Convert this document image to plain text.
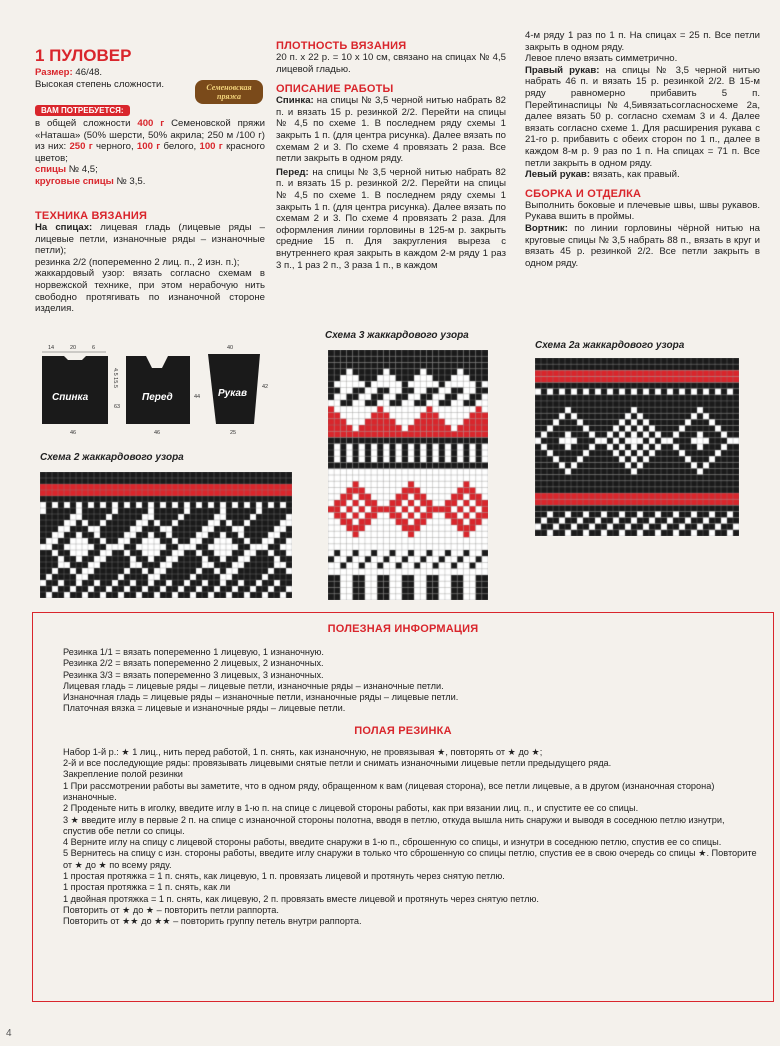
1 ПУЛОВЕР
Размер: 46/48.
Высокая степень сложности.	Семеновская пряжа
ВАМ ПОТРЕБУЕТСЯ:

в общей сложности 400 г Семеновской пряжи «Наташа» (50% шерсти, 50% акрила; 250 м /100 г) из них: 250 г черного, 100 г белого, 100 г красного цветов;
спицы № 4,5;
круговые спицы № 3,5.

ТЕХНИКА ВЯЗАНИЯ

На спицах: лицевая гладь (лицевые ряды – лицевые петли, изнаночные ряды – изнаночные петли);

резинка 2/2 (попеременно 2 лиц. п., 2 изн. п.);

жаккардовый узор: вязать согласно схемам в норвежской технике, при этом нерабочую нить свободно протягивать по изнаночной стороне изделия.

ПЛОТНОСТЬ ВЯЗАНИЯ

20 п. х 22 р. = 10 х 10 см, связано на спицах № 4,5 лицевой гладью.

ОПИСАНИЕ РАБОТЫ

Спинка: на спицы № 3,5 черной нитью набрать 82 п. и вязать 15 р. резинкой 2/2. Перейти на спицы № 4,5 по схеме 1. В последнем ряду схемы 1 закрыть 1 п. (для центра рисунка). Далее вязать по схемам 2 и 3. По схеме 4 провязать 2 раза. Все петли закрыть в одном ряду.

Перед: на спицы № 3,5 черной нитью набрать 82 п. и вязать 15 р. резинкой 2/2. Перейти на спицы № 4,5 по схеме 1. В последнем ряду схемы 1 закрыть 1 п. (для центра рисунка). Далее вязать по схемам 2 и 3. По схеме 4 провязать 2 раза. Для оформления линии горловины в 125-м р. закрыть средние 15 п. Для закругления выреза с внутреннего края закрыть в каждом 2-м ряду 1 раз 3 п., 1 раз 2 п., 3 раза 1 п., в каждом

4-м ряду 1 раз по 1 п. На спицах = 25 п. Все петли закрыть в одном ряду.

Левое плечо вязать симметрично.

Правый рукав: на спицы № 3,5 черной нитью набрать 46 п. и вязать 15 р. резинкой 2/2. В 15-м ряду равномерно прибавить 5 п. Перейтинаспицы№4,5ивязатьсогласносхеме 2а, далее вязать 50 р. согласно схемам 3 и 4. Далее вязать согласно схеме 1. Для расширения рукава с 21-го р. прибавить с обеих сторон по 1 п., далее в каждом 8-м р. 9 раз по 1 п. На спицах = 71 п. Все петли закрыть в одном ряду.

Левый рукав: вязать, как правый.

СБОРКА И ОТДЕЛКА

Выполнить боковые и плечевые швы, швы рукавов. Рукава вшить в проймы.

Вортник: по линии горловины чёрной нитью на круговые спицы № 3,5 набрать 88 п., вязать в круг и вязать 45 р. резинкой 2/2. Все петли закрыть в одном ряду.

14	20	6
Спинка
46
4.5 15.5
Перед
46
63
44
40
Рукав
25
42
Схема 2 жаккардового узора
Схема 3 жаккардового узора
Схема 2а жаккардового узора
ПОЛЕЗНАЯ ИНФОРМАЦИЯ

Резинка 1/1 = вязать попеременно 1 лицевую, 1 изнаночную.

Резинка 2/2 = вязать попеременно 2 лицевых, 2 изнаночных.

Резинка 3/3 = вязать попеременно 3 лицевых, 3 изнаночных.

Лицевая гладь = лицевые ряды – лицевые петли, изнаночные ряды – изнаночные петли.

Изнаночная гладь = лицевые ряды – изнаночные петли, изнаночные ряды – лицевые петли.

Платочная вязка = лицевые и изнаночные ряды – лицевые петли.

ПОЛАЯ РЕЗИНКА

Набор 1-й р.: ★ 1 лиц., нить перед работой, 1 п. снять, как изнаночную, не провязывая ★, повторять от ★ до ★;

2-й и все последующие ряды: провязывать лицевыми снятые петли и снимать изнаночными лицевые петли предыдущего ряда.

Закрепление полой резинки

1 При рассмотрении работы вы заметите, что в одном ряду, обращенном к вам (лицевая сторона), все петли лицевые, а в другом (изнаночная сторона) изнаночные.

2 Проденьте нить в иголку, введите иглу в 1-ю п. на спице с лицевой стороны работы, как при вязании лиц. п., и спустите ее со спицы.

3 ★ введите иглу в первые 2 п. на спице с изнаночной стороны полотна, вводя в петлю, откуда вышла нить снаружи и выводя в соседнюю петлю изнутри, спустив обе петли со спицы.

4 Верните иглу на спицу с лицевой стороны работы, введите снаружи в 1-ю п., сброшенную со спицы, и изнутри в соседнюю петлю, спустив ее со спицы.

5 Вернитесь на спицу с изн. стороны работы, введите иглу снаружи в только что сброшенную со спицы петлю, спустив ее в свою очередь со спицы ★. Повторите от ★ до ★ по всему ряду.

1 простая протяжка = 1 п. снять, как лицевую, 1 п. провязать лицевой и протянуть через снятую петлю.

1 простая протяжка = 1 п. снять, как ли

1 двойная протяжка = 1 п. снять, как лицевую, 2 п. провязать вместе лицевой и протянуть через снятую петлю.

Повторить от ★ до ★ – повторить петли раппорта.

Повторить от ★★ до ★★ – повторить группу петель внутри раппорта.

4
